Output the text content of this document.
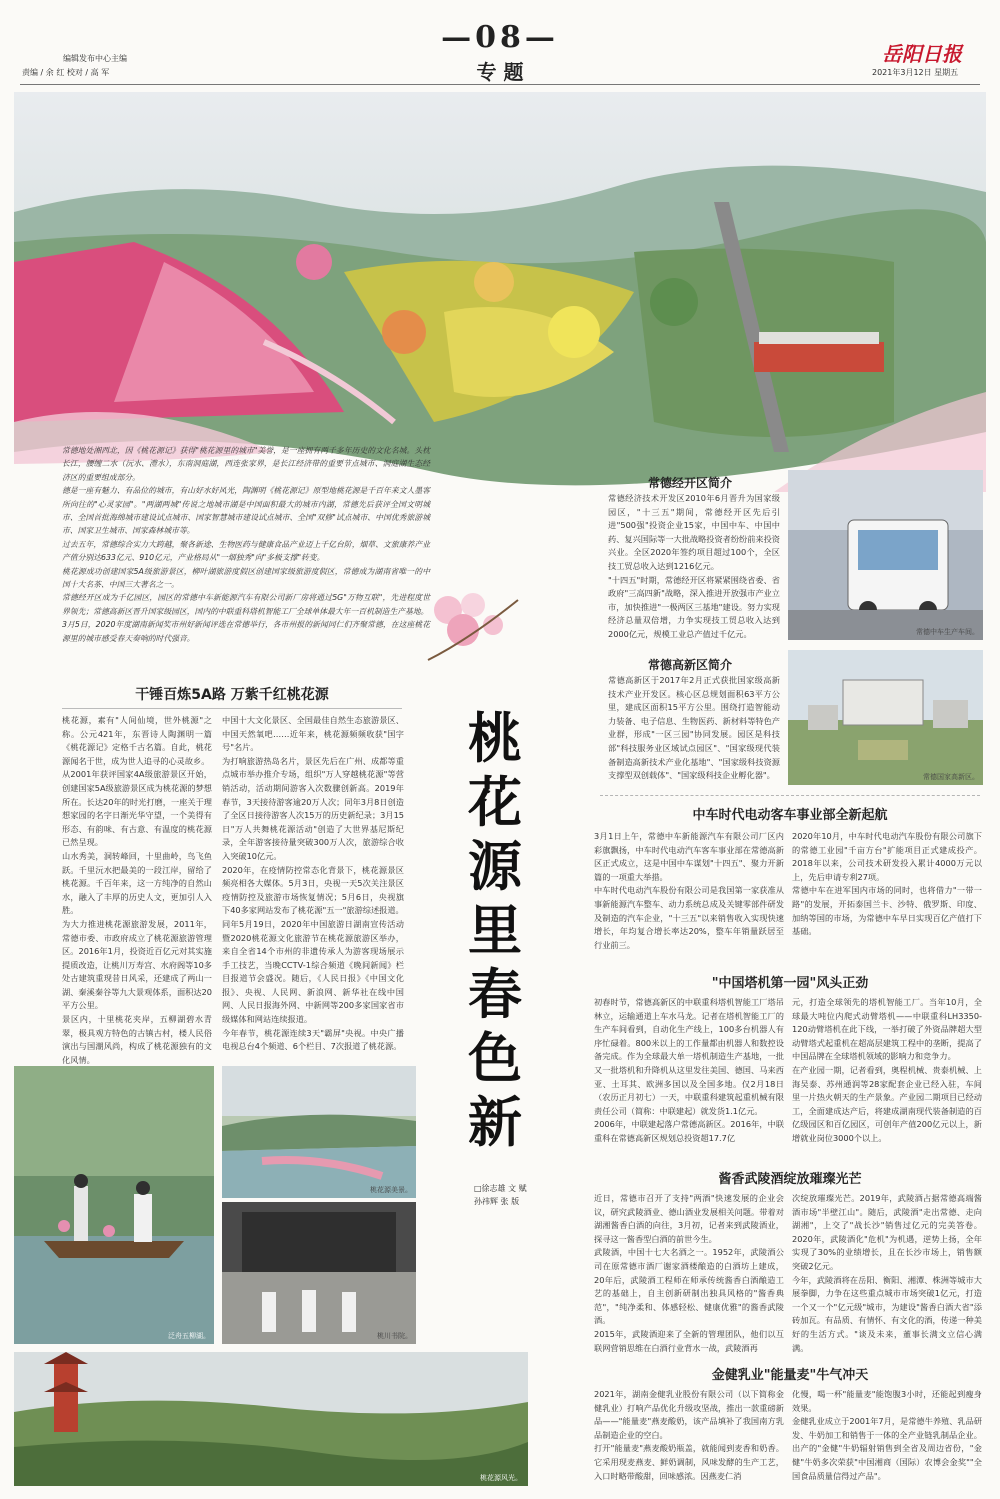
编辑发布中心主编
责编 / 余 红 校对 / 高 军
—08—
专 题
岳阳日报
2021年3月12日 星期五
常德地处湘西北，因《桃花源记》获得"桃花源里的城市"美誉，是一座拥有两千多年历史的文化名城。头枕长江，腰缠二水（沅水、澧水），东南洞庭湖，西连张家界，是长江经济带的重要节点城市、洞庭湖生态经济区的重要组成部分。
德是一座有魅力、有品位的城市，有山好水好风光，陶渊明《桃花源记》原型地桃花源是千百年来文人墨客所向往的"心灵家园"。"两湖两城"传说之地城市湖是中国面积最大的城市内湖，常德先后获评全国文明城市、全国首批海绵城市建设试点城市、国家智慧城市建设试点城市、全国"双修"试点城市、中国优秀旅游城市、国家卫生城市、国家森林城市等。
过去五年，常德综合实力大跨越，聚各新途、生物医药与健康食品产业迈上千亿台阶，烟草、文旅康养产业产值分别达633亿元、910亿元，产业格局从"一烟独秀"向"多极支撑"转变。
桃花源成功创建国家5A级旅游景区，柳叶湖旅游度假区创建国家级旅游度假区，常德成为湖南省唯一的中国十大名茶、中国三大著名之一。
常德经开区成为千亿园区，园区的常德中车新能源汽车有限公司新厂房将通过5G"万物互联"，先进程度世界领先；常德高新区晋升国家级园区，国内的中联重科塔机智能工厂全球单体最大年一百机制造生产基地。
3月5日，2020年度湖南新闻奖市州好新闻评选在常德举行，各市州报的新闻同仁们齐聚常德，在这座桃花源里的城市感受春天奏响的时代强音。
干锤百炼5A路 万紫千红桃花源
桃花源，素有"人间仙境，世外桃源"之称。公元421年，东晋诗人陶渊明一篇《桃花源记》定格千古名篇。自此，桃花源闻名于世，成为世人追寻的心灵故乡。
从2001年获评国家4A级旅游景区开始，创建国家5A级旅游景区成为桃花源的梦想所在。长达20年的时光打磨，一座关于理想家园的名字日渐光华守望，一个美得有形态、有韵味、有古意、有温度的桃花源已然呈现。
山水秀美，洞转峰回，十里曲岭，鸟飞鱼跃。千里沅水把最美的一段江岸，留给了桃花源。千百年来，这一方纯净的自然山水，融入了丰厚的历史人文，更加引人入胜。
为大力推进桃花源旅游发展，2011年，常德市委、市政府成立了桃花源旅游管理区。2016年1月，投资近百亿元对其实施提质改造，让桃川万寿宫、水府阁等10多处古建筑重现昔日风采，还建成了两山一湖、秦溪秦谷等九大景观体系，面积达20平方公里。
景区内，十里桃花夹岸，五柳湖碧水青翠，极具观方特色的古镇古村，楼人民俗演出与国潮风尚，构成了桃花源独有的文化风情。

中国十大文化景区、全国最佳自然生态旅游景区、中国天然氧吧……近年来，桃花源频频收获"国字号"名片。
为打响旅游热岛名片，景区先后在广州、成都等重点城市举办推介专场，组织"万人穿越桃花源"等营销活动，活动期间游客入次数骤创新高。2019年春节，3天接待游客逾20万人次；同年3月8日创造了全区日接待游客人次15万的历史新纪录；3月15日"万人共舞桃花源活动"创造了大世界基尼斯纪录，全年游客接待量突破300万人次，旅游综合收入突破10亿元。
2020年，在疫情防控常态化背景下，桃花源景区频亮相各大媒体。5月3日，央视一天5次关注景区疫情防控及旅游市场恢复情况；5月6日，央视旗下40多家网站发布了桃花源"五一"旅游综述报道。
同年5月19日，2020年中国旅游日湖南宣传活动暨2020桃花源文化旅游节在桃花源旅游区举办，来自全省14个市州的非遗传承人为游客现场展示手工技艺，当晚CCTV-1综合频道《晚间新闻》栏目报道节会盛况。随后，《人民日报》《中国文化报》、央视、人民网、新浪网、新华社在线中国网、人民日报海外网、中新网等200多家国家省市级媒体和网站连续报道。
今年春节，桃花源连续3天"霸屏"央视。中央广播电视总台4个频道、6个栏目、7次报道了桃花源。
桃
花
源
里
春
色
新
□徐志雄 文 赋
孙祎辉 张 版
常德经开区简介
常德经济技术开发区2010年6月晋升为国家级园区，"十三五"期间，常德经开区先后引进"500强"投资企业15家，中国中车、中国中药、复兴国际等一大批战略投资者纷纷前来投资兴业。全区2020年签约项目超过100个，全区技工贸总收入达到1216亿元。
"十四五"时期，常德经开区将紧紧围绕省委、省政府"三高四新"战略，深入推进开放强市产业立市，加快推进"一极两区三基地"建设。努力实现经济总量双倍增，力争实现技工贸总收入达到2000亿元，规模工业总产值过千亿元。	常德中车生产车间。
常德高新区简介
常德高新区于2017年2月正式获批国家级高新技术产业开发区。核心区总规划面积63平方公里，建成区面积15平方公里。围绕打造智能动力装备、电子信息、生物医药、新材料等特色产业群，形成"一区三园"协同发展。园区是科技部"科技服务业区域试点园区"、"国家级现代装备制造高新技术产业化基地"、"国家级科技资源支撑型双创载体"、"国家级科技企业孵化器"。	常德国家高新区。
中车时代电动客车事业部全新起航
3月1日上午，常德中车新能源汽车有限公司厂区内彩旗飘扬，中车时代电动汽车客车事业部在常德高新区正式成立，这是中国中车谋划"十四五"、聚力开新篇的一项重大举措。
中车时代电动汽车股份有限公司是我国第一家获准从事新能源汽车整车、动力系统总成及关键零部件研发及制造的汽车企业，"十三五"以来销售收入实现快速增长，年均复合增长率达20%，整车年销量跃居至行业前三。
2020年10月，中车时代电动汽车股份有限公司旗下的常德工业园"千亩方台"扩能项目正式建成投产。2018年以来，公司技术研发投入累计4000万元以上，先后申请专利27项。
常德中车在进军国内市场的同时，也将借力"一带一路"的发展，开拓泰国兰卡、沙特、俄罗斯、印度、加纳等国的市场，为常德中车早日实现百亿产值打下基础。
"中国塔机第一园"风头正劲
初春时节，常德高新区的中联重科塔机智能工厂塔吊林立，运输通道上车水马龙。记者在塔机智能工厂的生产车间看到，自动化生产线上，100多台机器人有序忙碌着。800米以上的工作量都由机器人和数控设备完成。作为全球最大单一塔机制造生产基地，一批又一批塔机和升降机从这里发往美国、德国、马来西亚、土耳其、欧洲多国以及全国多地。仅2月18日（农历正月初七）一天，中联重科建筑起重机械有限责任公司（简称：中联建起）就发货1.1亿元。
2006年，中联建起落户常德高新区。2016年，中联重科在常德高新区规划总投资超17.7亿
元，打造全球领先的塔机智能工厂。当年10月，全球最大吨位内爬式动臂塔机——中联重科LH3350-120动臂塔机在此下线，一举打破了外资品牌超大型动臂塔式起重机在超高层建筑工程中的垄断，提高了中国品牌在全球塔机领域的影响力和竞争力。
在产业园一期，记者看到，奥程机械、贵泰机械、上海吴泰、苏州通润等28家配套企业已经入驻，车间里一片热火朝天的生产景象。产业园二期项目已经动工，全面建成达产后，将建成湖南现代装备制造的百亿级园区和百亿园区，可创年产值200亿元以上，新增就业岗位3000个以上。
酱香武陵酒绽放璀璨光芒
近日，常德市召开了支持"两酒"快速发展的企业会议，研究武陵酒业、德山酒业发展相关问题。带着对湖湘酱香白酒的向往，3月初，记者来到武陵酒业，探寻这一酱香型白酒的前世今生。
武陵酒，中国十七大名酒之一。1952年，武陵酒公司在原常德市酒厂谢家酒楼酿造的白酒坊上建成，20年后，武陵酒工程师在师承传统酱香白酒酿造工艺的基础上，自主创新研制出独具风格的"酱香典范"，"纯净柔和、体感轻松、健康优雅"的酱香武陵酒。
2015年，武陵酒迎来了全新的管理团队，他们以互联网营销思维在白酒行业背水一战，武陵酒再
次绽放璀璨光芒。2019年，武陵酒占据常德高端酱酒市场"半壁江山"。随后，武陵酒"走出常德、走向湖湘"，上交了"战长沙"销售过亿元的完美答卷。2020年，武陵酒化"危机"为机遇，逆势上扬，全年实现了30%的业绩增长，且在长沙市场上，销售额突破2亿元。
今年，武陵酒将在岳阳、衡阳、湘潭、株洲等城市大展拳脚，力争在这些重点城市市场突破1亿元，打造一个又一个"亿元级"城市，为建设"酱香白酒大省"添砖加瓦。有品质、有情怀、有文化的酒，传递一种美好的生活方式。"谈及未来，董事长满文立信心满满。
金健乳业"能量麦"牛气冲天
2021年，湖南金健乳业股份有限公司（以下简称金健乳业）打响产品优化升级攻坚战，推出一款重磅新品——"能量麦"燕麦酸奶，该产品填补了我国南方乳品制造企业的空白。
打开"能量麦"燕麦酸奶瓶盖，就能闻到麦香和奶香。它采用现麦燕麦、鲜奶调制，风味发酵的生产工艺，入口时略带酸甜，回味感浓。因燕麦仁消
化慢，喝一杯"能量麦"能饱腹3小时，还能起到瘦身效果。
金健乳业成立于2001年7月，是常德牛养殖、乳品研发、牛奶加工和销售于一体的全产业链乳制品企业。出产的"金健"牛奶辐射销售到全省及周边省份，"金健"牛奶多次荣获"中国湘商（国际）农博会金奖""全国食品质量信得过产品"。
泛舟五柳湖。
桃花源美景。
桃川书院。
桃花源风光。
